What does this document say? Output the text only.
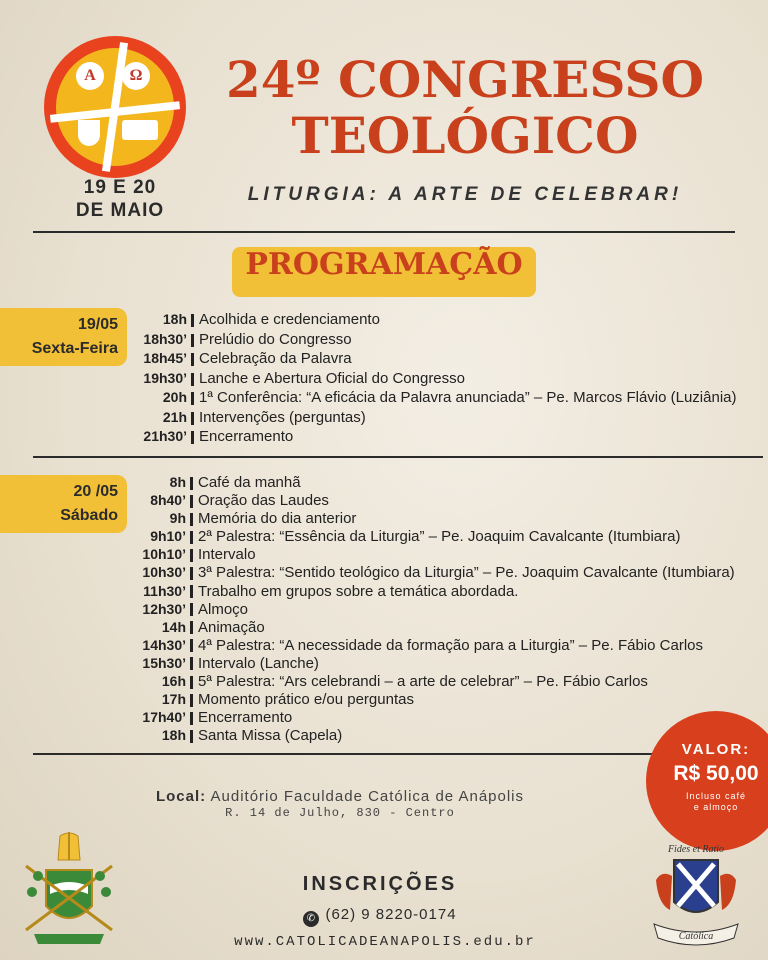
A	Ω
19 E 20
DE MAIO
24º CONGRESSO
TEOLÓGICO
LITURGIA: A ARTE DE CELEBRAR!
PROGRAMAÇÃO
19/05
Sexta-Feira
18h Acolhida e credenciamento
18h30’ Prelúdio do Congresso
18h45’ Celebração da Palavra
19h30’ Lanche e Abertura Oficial do Congresso
20h 1ª Conferência: “A eficácia da Palavra anunciada” – Pe. Marcos Flávio (Luziânia)
21h Intervenções (perguntas)
21h30’ Encerramento
20 /05
Sábado
8h Café da manhã
8h40’ Oração das Laudes
9h Memória do dia anterior
9h10’ 2ª Palestra: “Essência da Liturgia” – Pe. Joaquim Cavalcante (Itumbiara)
10h10’ Intervalo
10h30’ 3ª Palestra: “Sentido teológico da Liturgia” – Pe. Joaquim Cavalcante (Itumbiara)
11h30’ Trabalho em grupos sobre a temática abordada.
12h30’ Almoço
14h Animação
14h30’ 4ª Palestra: “A necessidade da formação para a Liturgia” – Pe. Fábio Carlos
15h30’ Intervalo (Lanche)
16h 5ª Palestra: “Ars celebrandi – a arte de celebrar” – Pe. Fábio Carlos
17h Momento prático e/ou perguntas
17h40’ Encerramento
18h Santa Missa (Capela)
VALOR:
R$ 50,00
Incluso café
e almoço
Local: Auditório Faculdade Católica de Anápolis
R. 14 de Julho, 830 - Centro
INSCRIÇÕES
✆ (62) 9 8220-0174
www.CATOLICADEANAPOLIS.edu.br
Fides et Ratio
Católica
